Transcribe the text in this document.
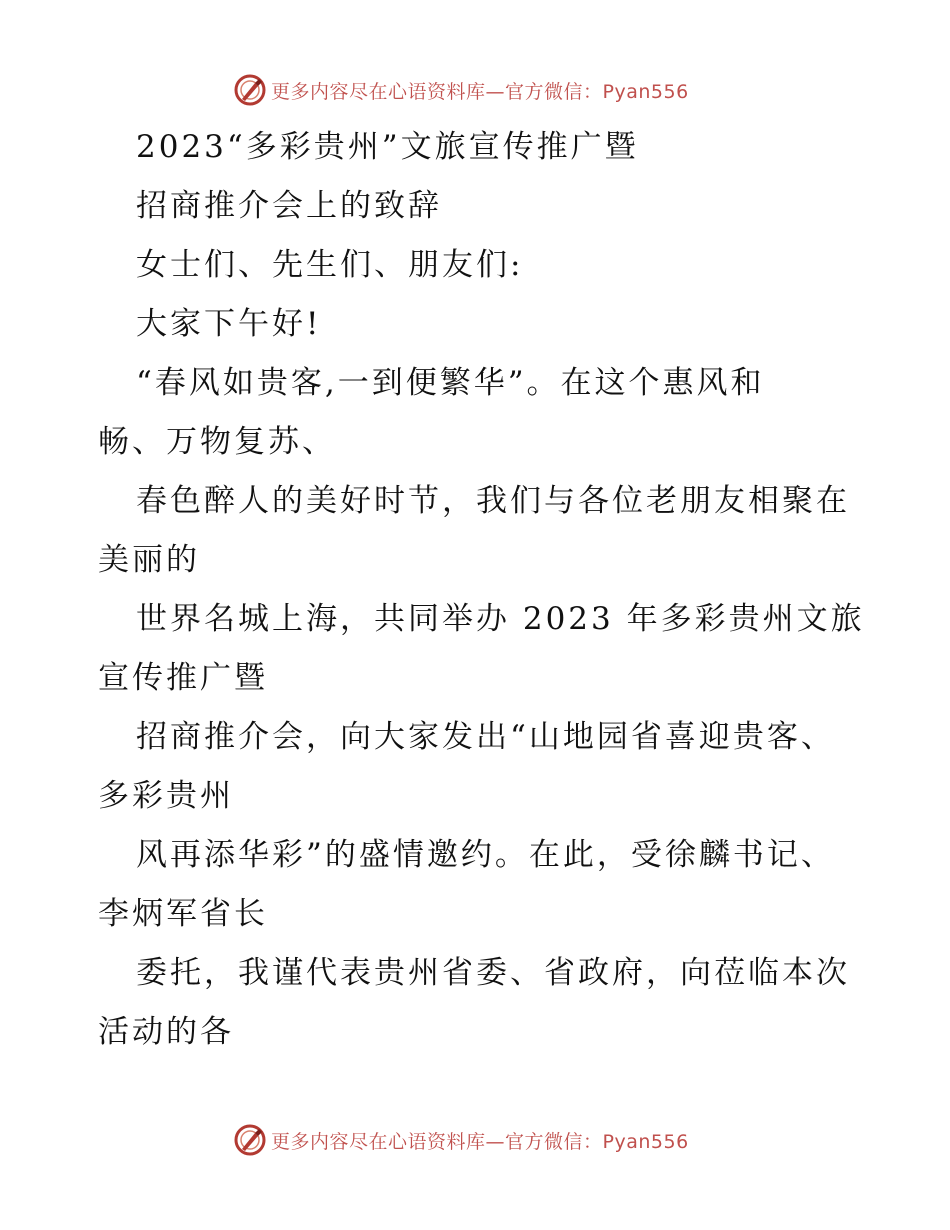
更多内容尽在心语资料库—官方微信：Pyan556
2023“多彩贵州”文旅宣传推广暨
招商推介会上的致辞
女士们、先生们、朋友们:
大家下午好!
“春风如贵客,一到便繁华”。在这个惠风和
畅、万物复苏、
春色醉人的美好时节，我们与各位老朋友相聚在
美丽的
世界名城上海，共同举办 2023 年多彩贵州文旅
宣传推广暨
招商推介会，向大家发出“山地园省喜迎贵客、
多彩贵州
风再添华彩”的盛情邀约。在此，受徐麟书记、
李炳军省长
委托，我谨代表贵州省委、省政府，向莅临本次
活动的各
更多内容尽在心语资料库—官方微信：Pyan556
